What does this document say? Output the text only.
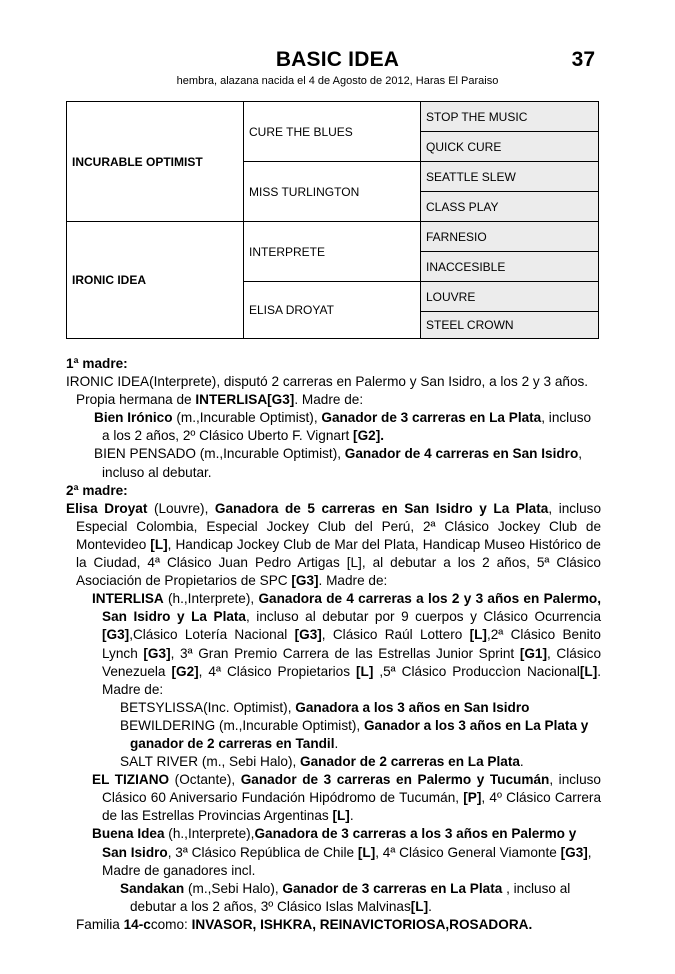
BASIC IDEA	37
hembra, alazana nacida el 4 de Agosto de 2012, Haras El Paraiso
INCURABLE OPTIMIST	CURE THE BLUES	STOP THE MUSIC
		QUICK CURE
	MISS TURLINGTON	SEATTLE SLEW
		CLASS PLAY
IRONIC IDEA	INTERPRETE	FARNESIO
		INACCESIBLE
	ELISA DROYAT	LOUVRE
		STEEL CROWN

1ª madre:

IRONIC IDEA(Interprete), disputó 2 carreras en Palermo y San Isidro, a los 2 y 3 años. Propia hermana de INTERLISA[G3]. Madre de:

Bien Irónico (m.,Incurable Optimist), Ganador de 3 carreras en La Plata, incluso a los 2 años, 2º Clásico Uberto F. Vignart [G2].

BIEN PENSADO (m.,Incurable Optimist), Ganador de 4 carreras en San Isidro, incluso al debutar.

2ª madre:

Elisa Droyat (Louvre), Ganadora de 5 carreras en San Isidro y La Plata, incluso Especial Colombia, Especial Jockey Club del Perú, 2ª Clásico Jockey Club de Montevideo [L], Handicap Jockey Club de Mar del Plata, Handicap Museo Histórico de la Ciudad, 4ª Clásico Juan Pedro Artigas [L], al debutar a los 2 años, 5ª Clásico Asociación de Propietarios de SPC [G3]. Madre de:

INTERLISA (h.,Interprete), Ganadora de 4 carreras a los 2 y 3 años en Palermo, San Isidro y La Plata, incluso al debutar por 9 cuerpos y Clásico Ocurrencia [G3],Clásico Lotería Nacional [G3], Clásico Raúl Lottero [L],2ª Clásico Benito Lynch [G3], 3ª Gran Premio Carrera de las Estrellas Junior Sprint [G1], Clásico Venezuela [G2], 4ª Clásico Propietarios [L] ,5ª Clásico Produccìon Nacional[L]. Madre de:

BETSYLISSA(Inc. Optimist), Ganadora a los 3 años en San Isidro

BEWILDERING (m.,Incurable Optimist), Ganador a los 3 años en La Plata y ganador de 2 carreras en Tandil.

SALT RIVER (m., Sebi Halo), Ganador de 2 carreras en La Plata.

EL TIZIANO (Octante), Ganador de 3 carreras en Palermo y Tucumán, incluso Clásico 60 Aniversario Fundación Hipódromo de Tucumán, [P], 4º Clásico Carrera de las Estrellas Provincias Argentinas [L].

Buena Idea (h.,Interprete),Ganadora de 3 carreras a los 3 años en Palermo y San Isidro, 3ª Clásico República de Chile [L], 4ª Clásico General Viamonte [G3], Madre de ganadores incl.

Sandakan (m.,Sebi Halo), Ganador de 3 carreras en La Plata , incluso al debutar a los 2 años, 3º Clásico Islas Malvinas[L].

Familia 14-ccomo: INVASOR, ISHKRA, REINAVICTORIOSA,ROSADORA.
